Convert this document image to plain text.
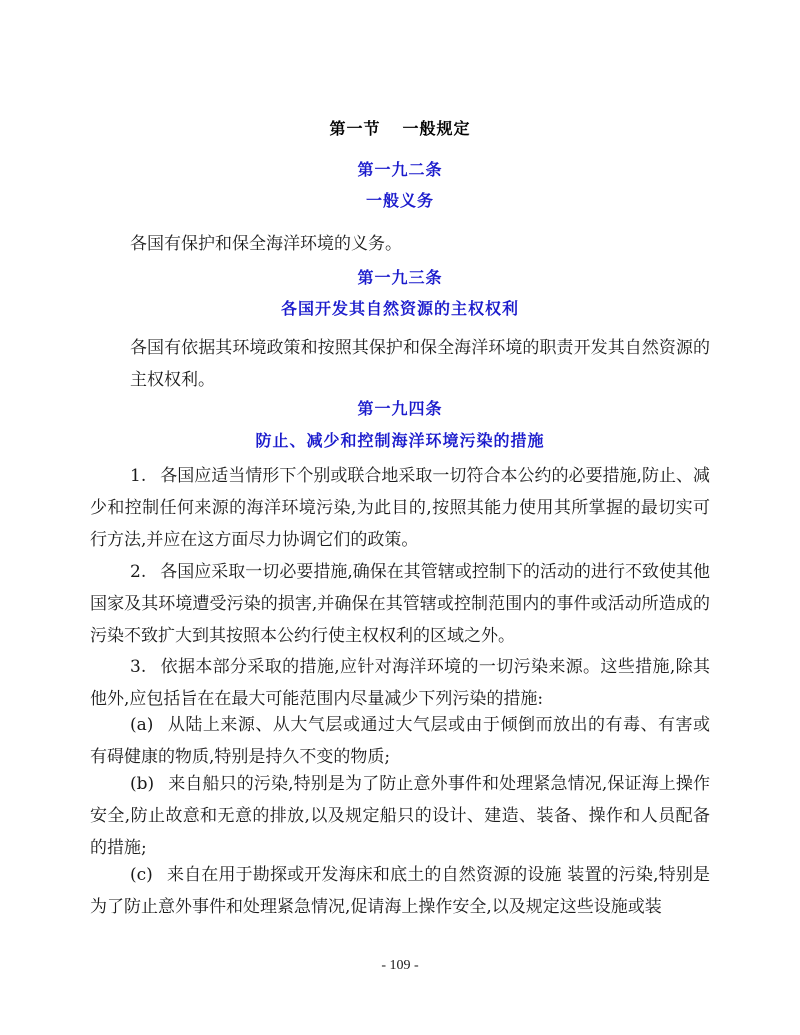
第一节 一般规定
第一九二条
一般义务
各国有保护和保全海洋环境的义务。
第一九三条
各国开发其自然资源的主权权利
各国有依据其环境政策和按照其保护和保全海洋环境的职责开发其自然资源的主权权利。
第一九四条
防止、减少和控制海洋环境污染的措施
1. 各国应适当情形下个别或联合地采取一切符合本公约的必要措施,防止、减少和控制任何来源的海洋环境污染,为此目的,按照其能力使用其所掌握的最切实可行方法,并应在这方面尽力协调它们的政策。
2. 各国应采取一切必要措施,确保在其管辖或控制下的活动的进行不致使其他国家及其环境遭受污染的损害,并确保在其管辖或控制范围内的事件或活动所造成的污染不致扩大到其按照本公约行使主权权利的区域之外。
3. 依据本部分采取的措施,应针对海洋环境的一切污染来源。这些措施,除其他外,应包括旨在在最大可能范围内尽量减少下列污染的措施:
(a) 从陆上来源、从大气层或通过大气层或由于倾倒而放出的有毒、有害或有碍健康的物质,特别是持久不变的物质;
(b) 来自船只的污染,特别是为了防止意外事件和处理紧急情况,保证海上操作安全,防止故意和无意的排放,以及规定船只的设计、建造、装备、操作和人员配备的措施;
(c) 来自在用于勘探或开发海床和底土的自然资源的设施 装置的污染,特别是为了防止意外事件和处理紧急情况,促请海上操作安全,以及规定这些设施或装
- 109 -
